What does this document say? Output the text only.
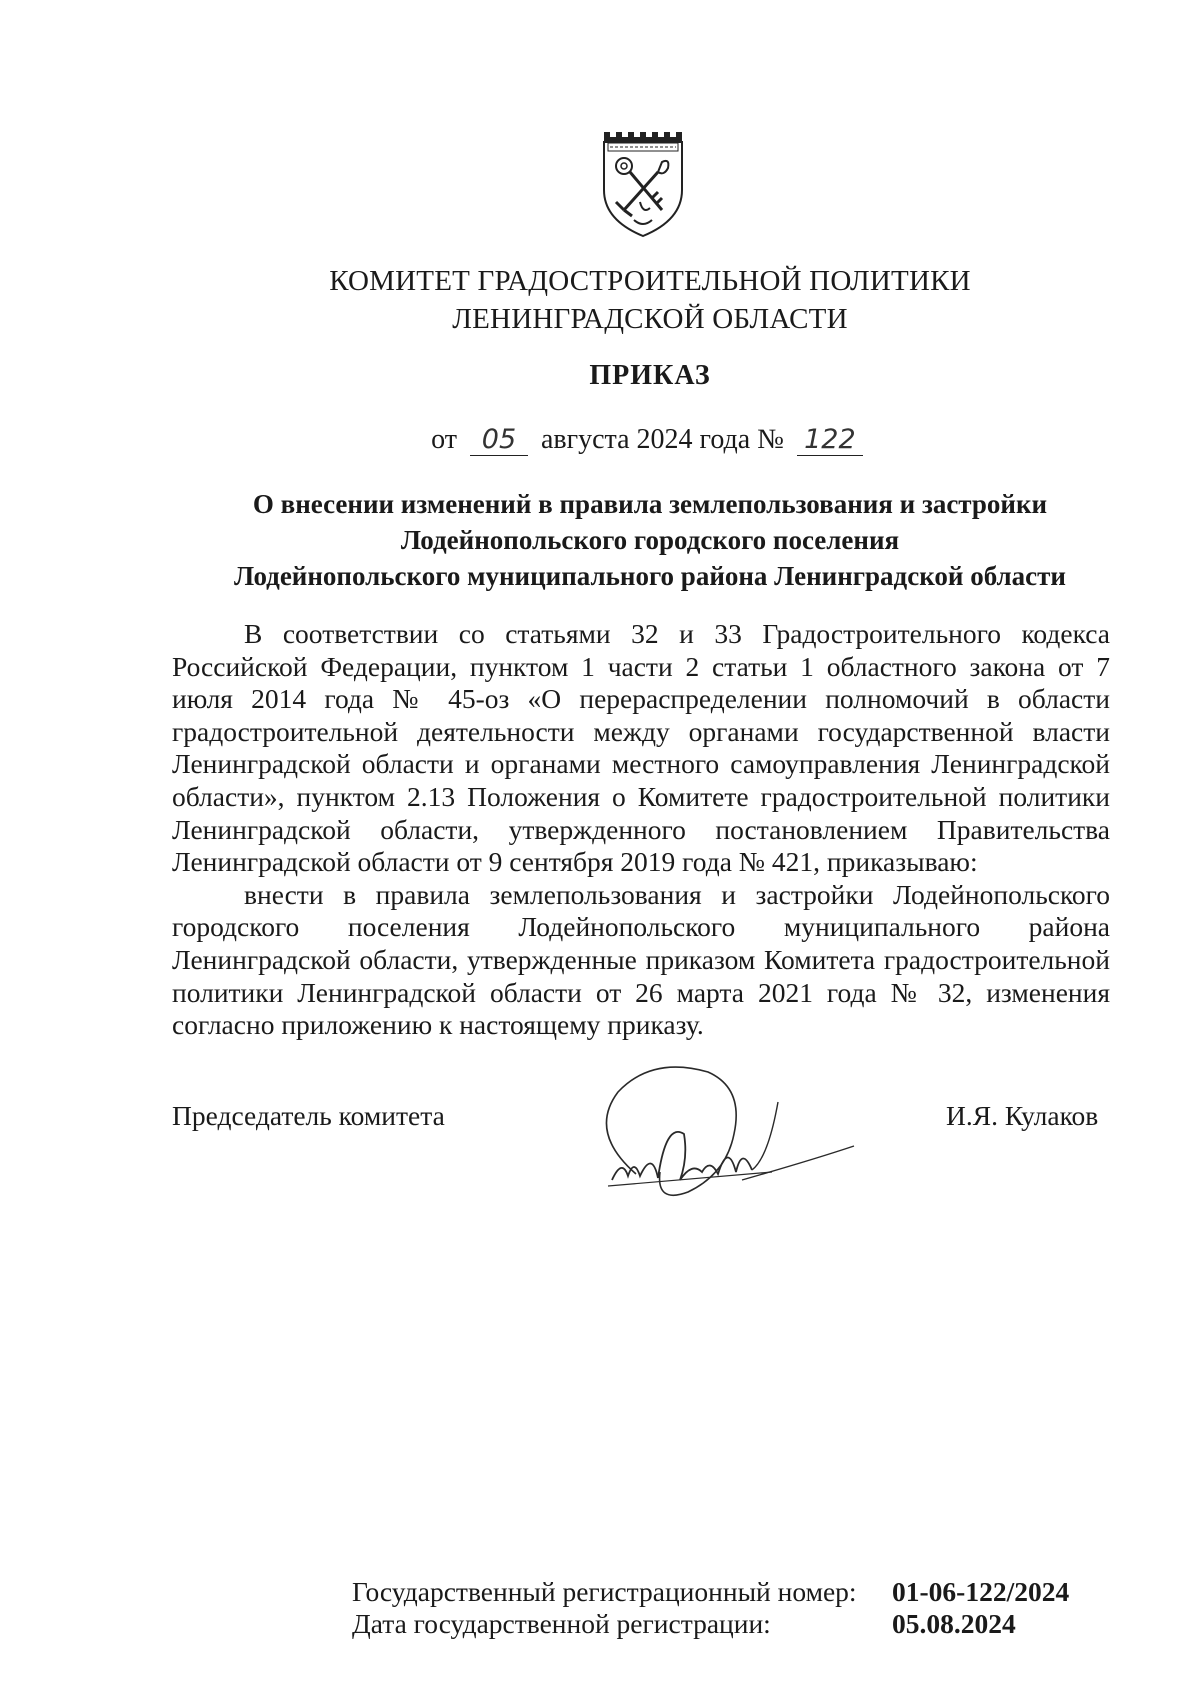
КОМИТЕТ ГРАДОСТРОИТЕЛЬНОЙ ПОЛИТИКИ
ЛЕНИНГРАДСКОЙ ОБЛАСТИ
ПРИКАЗ
от 05 августа 2024 года № 122
О внесении изменений в правила землепользования и застройки
Лодейнопольского городского поселения
Лодейнопольского муниципального района Ленинградской области

В соответствии со статьями 32 и 33 Градостроительного кодекса Российской Федерации, пунктом 1 части 2 статьи 1 областного закона от 7 июля 2014 года № 45-оз «О перераспределении полномочий в области градостроительной деятельности между органами государственной власти Ленинградской области и органами местного самоуправления Ленинградской области», пунктом 2.13 Положения о Комитете градостроительной политики Ленинградской области, утвержденного постановлением Правительства Ленинградской области от 9 сентября 2019 года № 421, приказываю:

внести в правила землепользования и застройки Лодейнопольского городского поселения Лодейнопольского муниципального района Ленинградской области, утвержденные приказом Комитета градостроительной политики Ленинградской области от 26 марта 2021 года № 32, изменения согласно приложению к настоящему приказу.

Председатель комитета	И.Я. Кулаков
Государственный регистрационный номер:	01-06-122/2024
Дата государственной регистрации:	05.08.2024
